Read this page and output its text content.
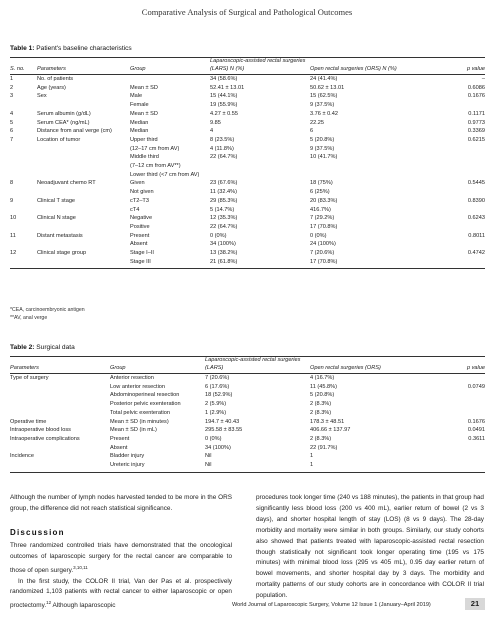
Comparative Analysis of Surgical and Pathological Outcomes
Table 1: Patient's baseline characteristics
S. no.	Parameters	Group	Laparoscopic-assisted rectal surgeries (LARS) N (%)	Open rectal surgeries (ORS) N (%)	p value
1	No. of patients		34 (58.6%)	24 (41.4%)	–
2	Age (years)	Mean ± SD	52.41 ± 13.01	50.62 ± 13.01	0.6086
3	Sex	Male	15 (44.1%)	15 (62.5%)	0.1676
		Female	19 (55.9%)	9 (37.5%)	
4	Serum albumin (g/dL)	Mean ± SD	4.27 ± 0.55	3.76 ± 0.42	0.1171
5	Serum CEA* (ng/mL)	Median	9.85	22.25	0.9773
6	Distance from anal verge (cm)	Median	4	6	0.3369
7	Location of tumor	Upper third	8 (23.5%)	5 (20.8%)	0.6215
		(12–17 cm from AV)	4 (11.8%)	9 (37.5%)	
		Middle third	22 (64.7%)	10 (41.7%)	
		(7–12 cm from AV**)			
		Lower third (<7 cm from AV)			
8	Neoadjuvant chemo RT	Given	23 (67.6%)	18 (75%)	0.5445
		Not given	11 (32.4%)	6 (25%)	
9	Clinical T stage	cT2–T3	29 (85.3%)	20 (83.3%)	0.8390
		cT4	5 (14.7%)	416.7%)	
10	Clinical N stage	Negative	12 (35.3%)	7 (29.2%)	0.6243
		Positive	22 (64.7%)	17 (70.8%)	
11	Distant metastasis	Present	0 (0%)	0 (0%)	0.8011
		Absent	34 (100%)	24 (100%)	
12	Clinical stage group	Stage I–II	13 (38.2%)	7 (20.6%)	0.4742
		Stage III	21 (61.8%)	17 (70.8%)	
*CEA, carcinoembryonic antigen
**AV, anal verge
Table 2: Surgical data
Parameters	Group	Laparoscopic-assisted rectal surgeries (LARS)	Open rectal surgeries (ORS)	p value
Type of surgery	Anterior resection	7 (20.6%)	4 (16.7%)	
	Low anterior resection	6 (17.6%)	11 (45.8%)	0.0749
	Abdominoperineal resection	18 (52.9%)	5 (20.8%)	
	Posterior pelvic exenteration	2 (5.9%)	2 (8.3%)	
	Total pelvic exenteration	1 (2.9%)	2 (8.3%)	
Operative time	Mean ± SD (in minutes)	194.7 ± 40.43	178.3 ± 48.51	0.1676
Intraoperative blood loss	Mean ± SD (in mL)	295.58 ± 83.55	406.66 ± 137.97	0.0491
Intraoperative complications	Present	0 (0%)	2 (8.3%)	0.3611
	Absent	34 (100%)	22 (91.7%)	
Incidence	Bladder injury	Nil	1	
	Ureteric injury	Nil	1	
Although the number of lymph nodes harvested tended to be more in the ORS group, the difference did not reach statistical significance.
Discussion
Three randomized controlled trials have demonstrated that the oncological outcomes of laparoscopic surgery for the rectal cancer are comparable to those of open surgery.$^{3,10,11}$
In the first study, the COLOR II trial, Van der Pas et al. prospectively randomized 1,103 patients with rectal cancer to either laparoscopic or open proctectomy.$^{12}$ Although laparoscopic
procedures took longer time (240 vs 188 minutes), the patients in that group had significantly less blood loss (200 vs 400 mL), earlier return of bowel (2 vs 3 days), and shorter hospital length of stay (LOS) (8 vs 9 days). The 28-day morbidity and mortality were similar in both groups. Similarly, our study cohorts also showed that patients treated with laparoscopic-assisted rectal resection though statistically not significant took longer operating time (195 vs 175 minutes) with minimal blood loss (295 vs 405 mL), 0.95 day earlier return of bowel movements, and shorter hospital day by 3 days. The morbidity and mortality patterns of our study cohorts are in concordance with COLOR II trial population.
World Journal of Laparoscopic Surgery, Volume 12 Issue 1 (January–April 2019)	21
